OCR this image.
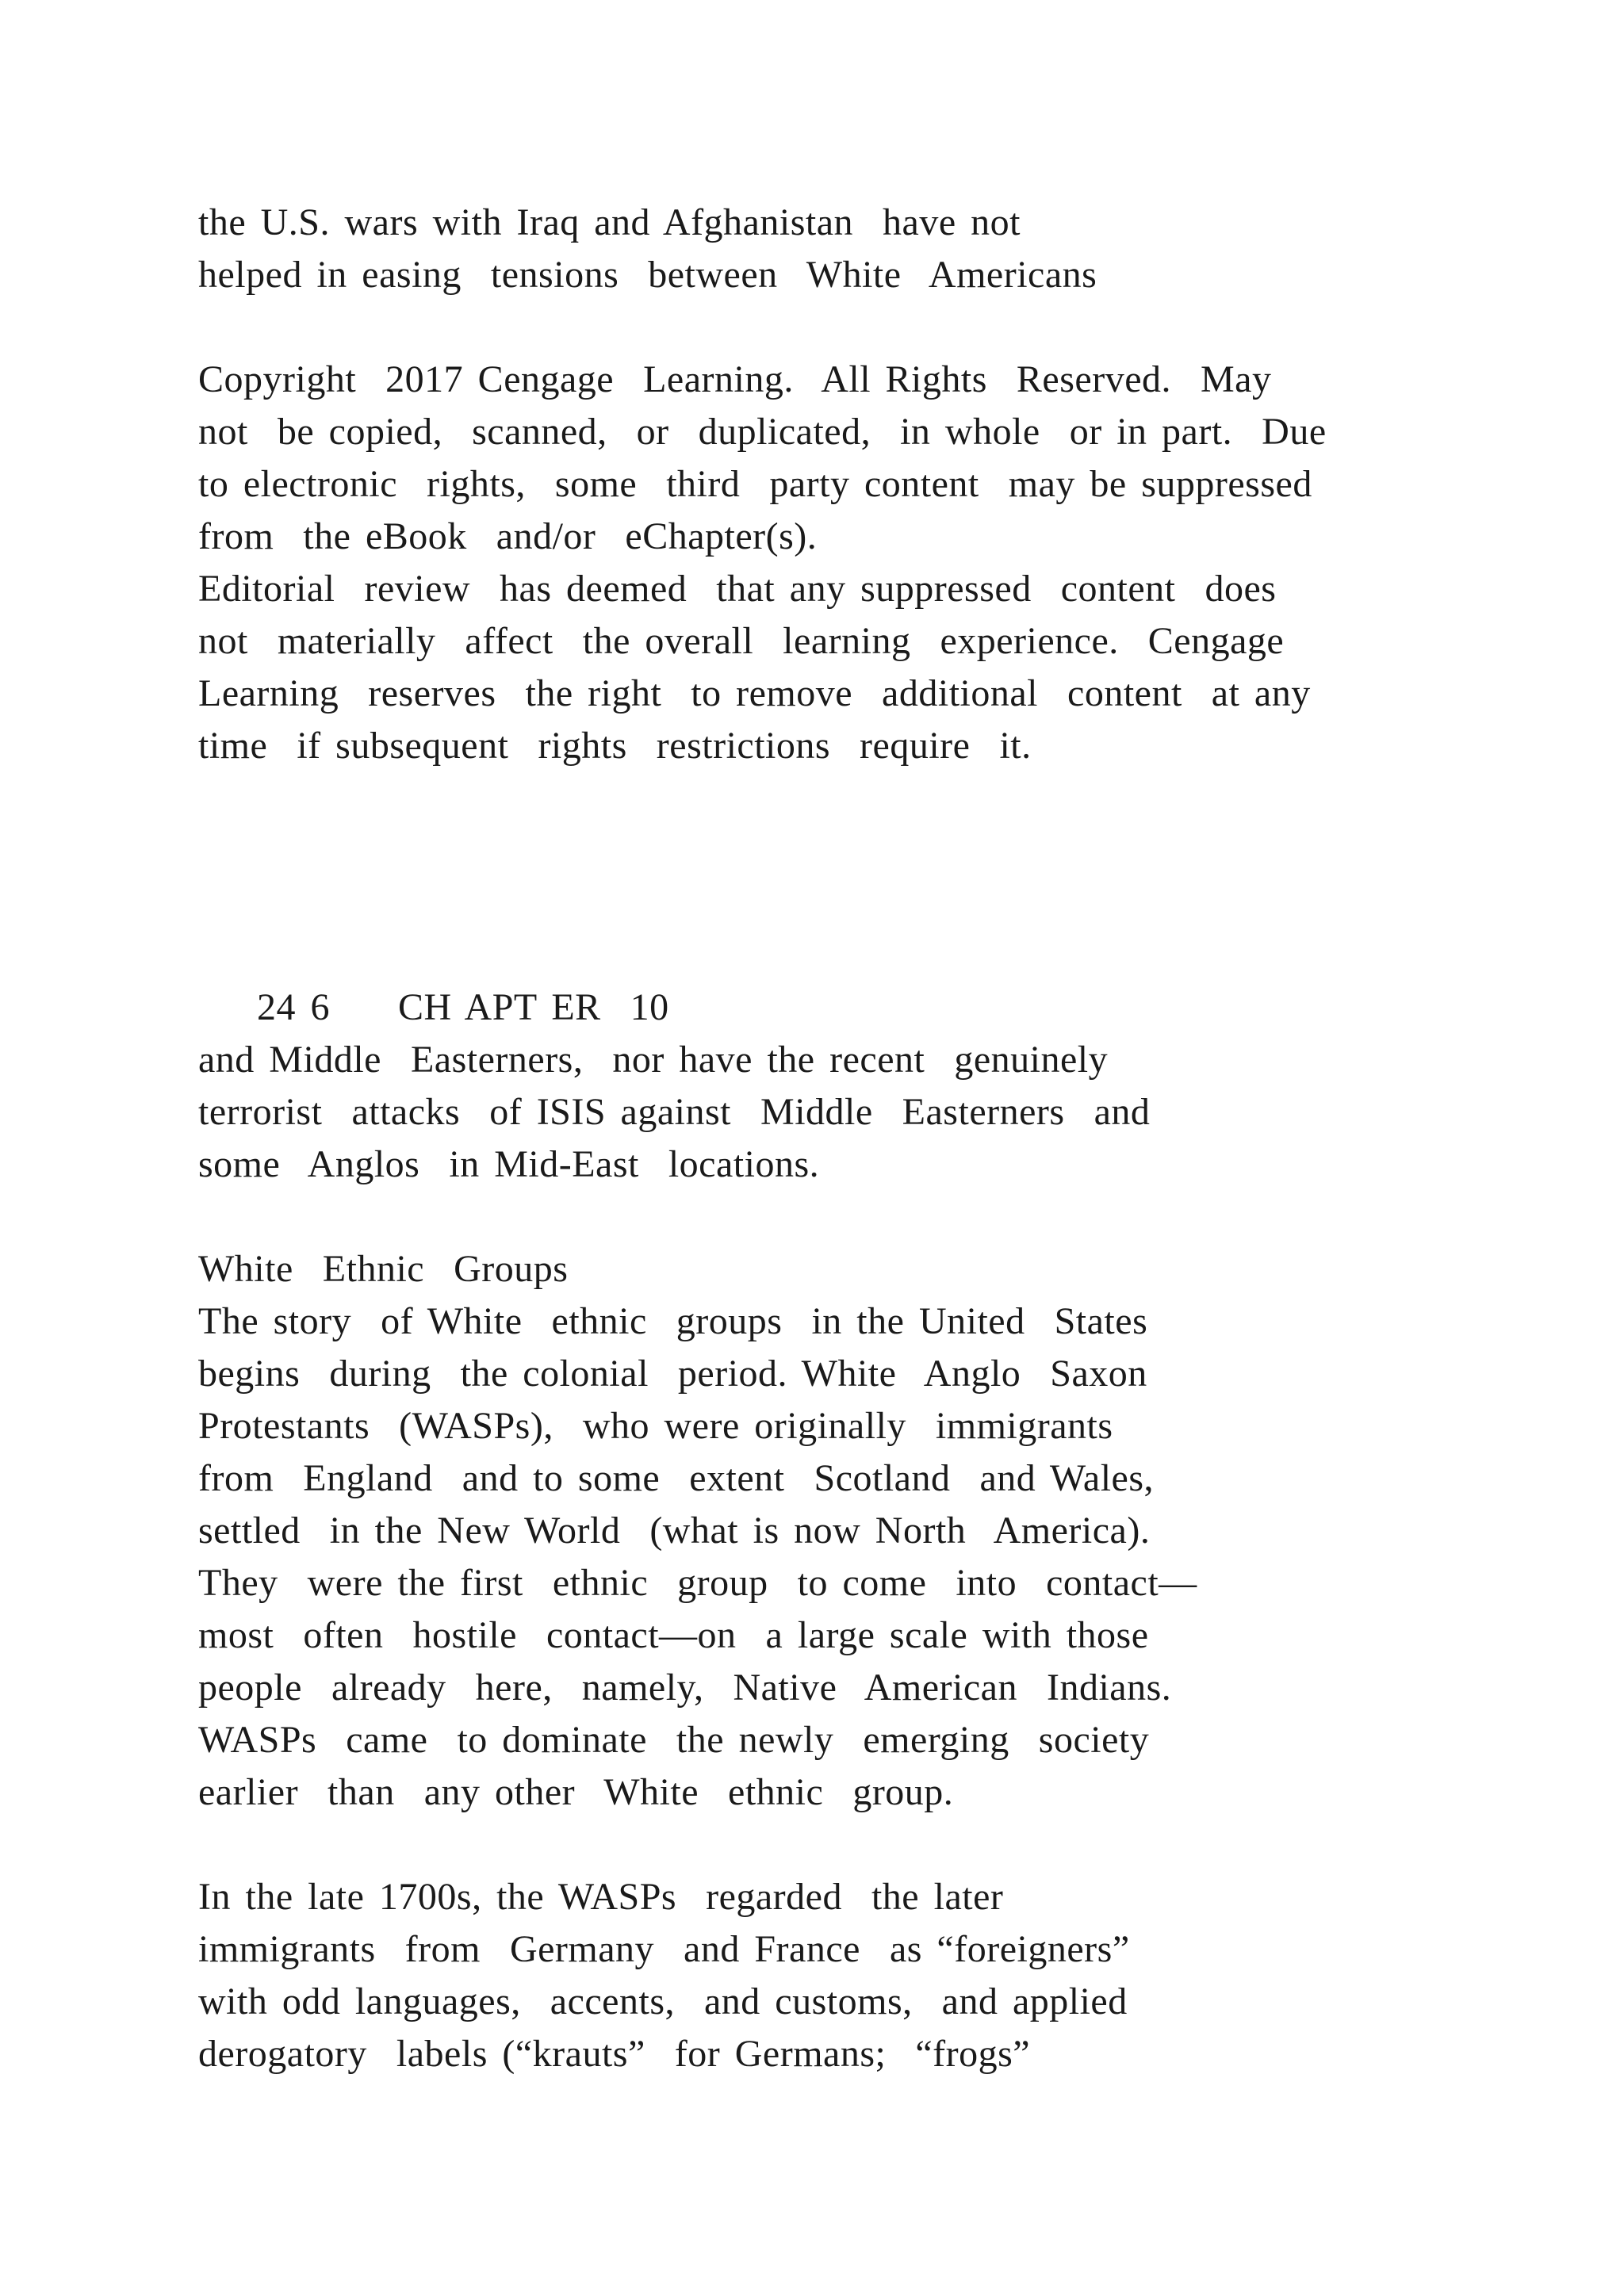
the U.S. wars with Iraq and Afghanistan  have not
helped in easing  tensions  between  White  Americans
Copyright  2017 Cengage  Learning.  All Rights  Reserved.  May
not  be copied,  scanned,  or  duplicated,  in whole  or in part.  Due
to electronic  rights,  some  third  party content  may be suppressed
from  the eBook  and/or  eChapter(s).
Editorial  review  has deemed  that any suppressed  content  does
not  materially  affect  the overall  learning  experience.  Cengage
Learning  reserves  the right  to remove  additional  content  at any
time  if subsequent  rights  restrictions  require  it.

24 6 CH APT ER  10

and Middle  Easterners,  nor have the recent  genuinely
terrorist  attacks  of ISIS against  Middle  Easterners  and
some  Anglos  in Mid-East  locations.
White  Ethnic  Groups
The story  of White  ethnic  groups  in the United  States
begins  during  the colonial  period. White  Anglo  Saxon
Protestants  (WASPs),  who were originally  immigrants
from  England  and to some  extent  Scotland  and Wales,
settled  in the New World  (what is now North  America).
They  were the first  ethnic  group  to come  into  contact—
most  often  hostile  contact—on  a large scale with those
people  already  here,  namely,  Native  American  Indians.
WASPs  came  to dominate  the newly  emerging  society
earlier  than  any other  White  ethnic  group.
In the late 1700s, the WASPs  regarded  the later
immigrants  from  Germany  and France  as “foreigners”
with odd languages,  accents,  and customs,  and applied
derogatory  labels (“krauts”  for Germans;  “frogs”
